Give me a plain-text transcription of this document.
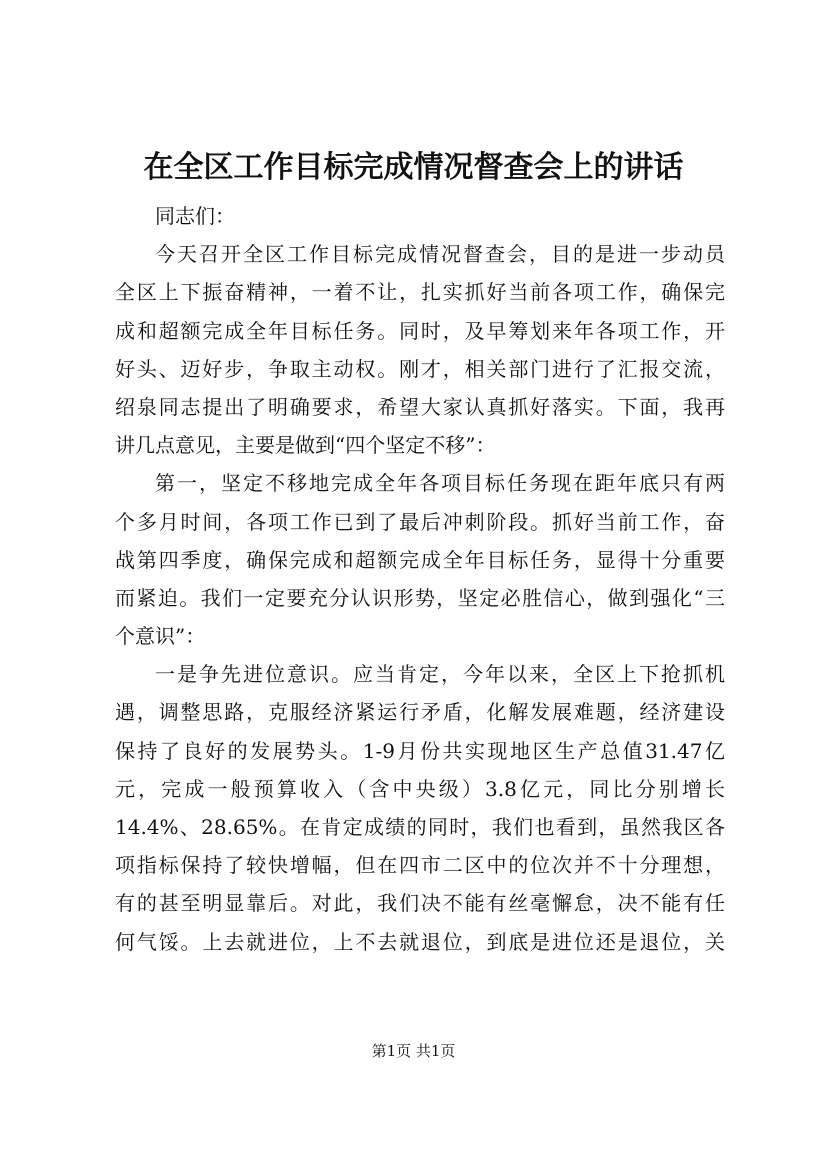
在全区工作目标完成情况督查会上的讲话
同志们：
今天召开全区工作目标完成情况督查会，目的是进一步动员
全区上下振奋精神，一着不让，扎实抓好当前各项工作，确保完
成和超额完成全年目标任务。同时，及早筹划来年各项工作，开
好头、迈好步，争取主动权。刚才，相关部门进行了汇报交流，
绍泉同志提出了明确要求，希望大家认真抓好落实。下面，我再
讲几点意见，主要是做到“四个坚定不移”：
第一，坚定不移地完成全年各项目标任务现在距年底只有两
个多月时间，各项工作已到了最后冲刺阶段。抓好当前工作，奋
战第四季度，确保完成和超额完成全年目标任务，显得十分重要
而紧迫。我们一定要充分认识形势，坚定必胜信心，做到强化“三
个意识”：
一是争先进位意识。应当肯定，今年以来，全区上下抢抓机
遇，调整思路，克服经济紧运行矛盾，化解发展难题，经济建设
保持了良好的发展势头。1-9月份共实现地区生产总值31.47亿
元，完成一般预算收入（含中央级）3.8亿元，同比分别增长
14.4%、28.65%。在肯定成绩的同时，我们也看到，虽然我区各
项指标保持了较快增幅，但在四市二区中的位次并不十分理想，
有的甚至明显靠后。对此，我们决不能有丝毫懈怠，决不能有任
何气馁。上去就进位，上不去就退位，到底是进位还是退位，关
第1页 共1页
